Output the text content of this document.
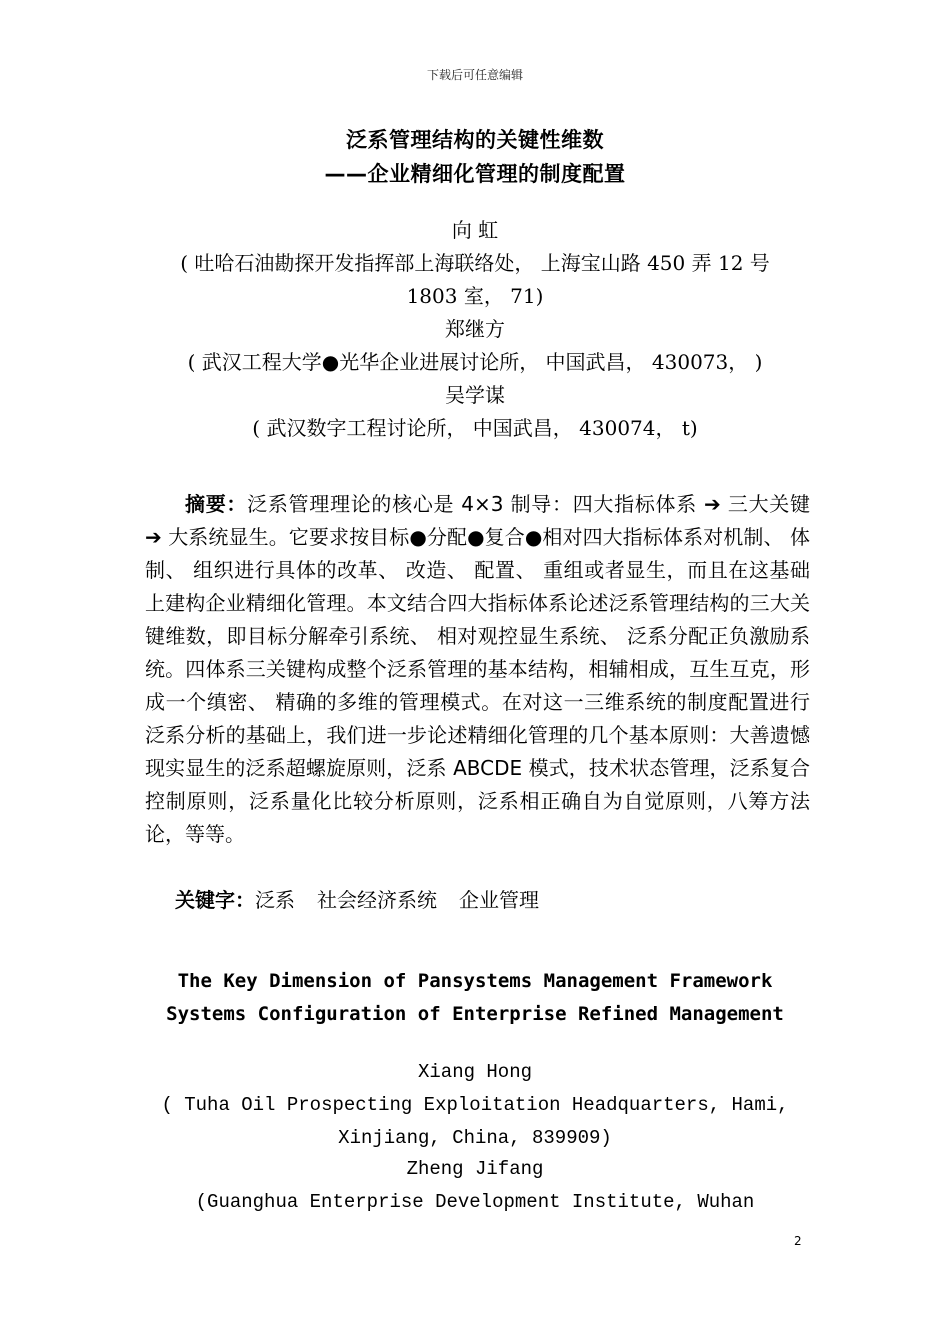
下载后可任意编辑
泛系管理结构的关键性维数
——企业精细化管理的制度配置
向 虹
( 吐哈石油勘探开发指挥部上海联络处， 上海宝山路 450 弄 12 号
1803 室， 71)
郑继方
( 武汉工程大学●光华企业进展讨论所， 中国武昌， 430073， )
吴学谋
( 武汉数字工程讨论所， 中国武昌， 430074， t)

摘要：泛系管理理论的核心是 4×3 制导：四大指标体系 ➔ 三大关键 ➔ 大系统显生。它要求按目标●分配●复合●相对四大指标体系对机制、 体制、 组织进行具体的改革、 改造、 配置、 重组或者显生，而且在这基础上建构企业精细化管理。本文结合四大指标体系论述泛系管理结构的三大关键维数，即目标分解牵引系统、 相对观控显生系统、 泛系分配正负激励系统。四体系三关键构成整个泛系管理的基本结构，相辅相成，互生互克，形成一个缜密、 精确的多维的管理模式。在对这一三维系统的制度配置进行泛系分析的基础上，我们进一步论述精细化管理的几个基本原则：大善遗憾现实显生的泛系超螺旋原则，泛系 ABCDE 模式，技术状态管理，泛系复合控制原则，泛系量化比较分析原则，泛系相正确自为自觉原则，八筹方法论，等等。

关键字：泛系 社会经济系统 企业管理

The Key Dimension of Pansystems Management Framework
Systems Configuration of Enterprise Refined Management
Xiang Hong
( Tuha Oil Prospecting Exploitation Headquarters, Hami,
Xinjiang, China, 839909)
Zheng Jifang
(Guanghua Enterprise Development Institute, Wuhan
2
